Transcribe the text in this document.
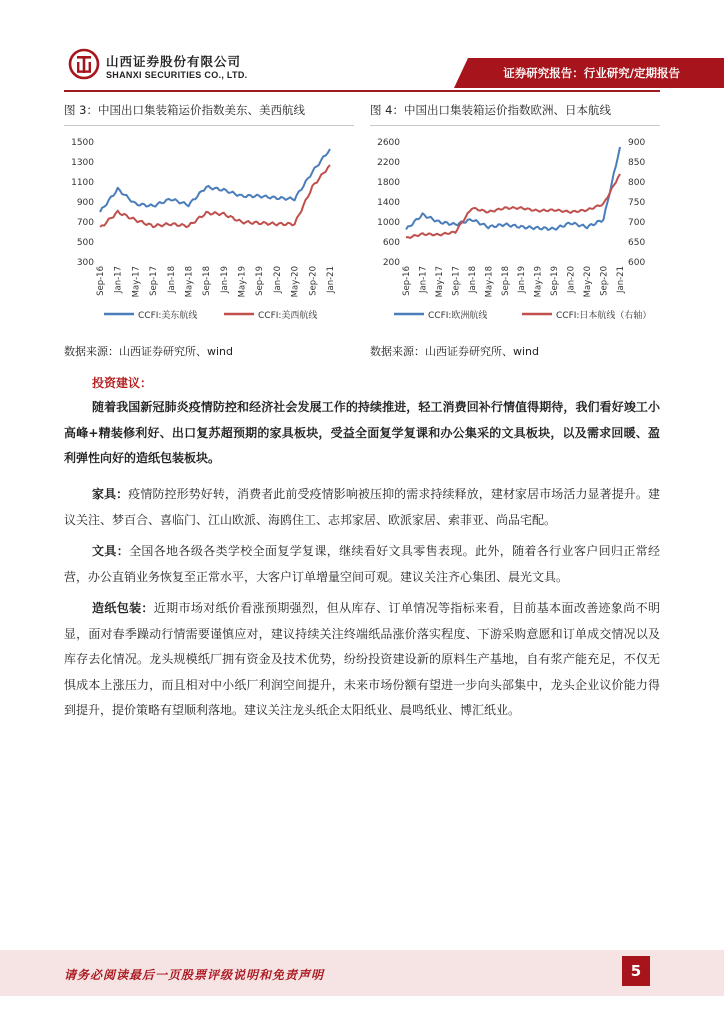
山西证券股份有限公司
SHANXI SECURITIES CO., LTD.	证券研究报告：行业研究/定期报告
图 3：中国出口集装箱运价指数美东、美西航线	图 4：中国出口集装箱运价指数欧洲、日本航线
300
500
700
900
1100
1300
1500
Sep-16 Jan-17 May-17 Sep-17 Jan-18 May-18 Sep-18 Jan-19 May-19 Sep-19 Jan-20 May-20 Sep-20 Jan-21
CCFI:美东航线	CCFI:美西航线
200
600
1000
1400
1800
2200
2600
600
650
700
750
800
850
900
Sep-16 Jan-17 May-17 Sep-17 Jan-18 May-18 Sep-18 Jan-19 May-19 Sep-19 Jan-20 May-20 Sep-20 Jan-21
CCFI:欧洲航线	CCFI:日本航线（右轴）
数据来源：山西证券研究所、wind	数据来源：山西证券研究所、wind
投资建议：
随着我国新冠肺炎疫情防控和经济社会发展工作的持续推进，轻工消费回补行情值得期待，我们看好竣工小高峰+精装修利好、出口复苏超预期的家具板块，受益全面复学复课和办公集采的文具板块，以及需求回暖、盈利弹性向好的造纸包装板块。
家具：疫情防控形势好转，消费者此前受疫情影响被压抑的需求持续释放，建材家居市场活力显著提升。建议关注、梦百合、喜临门、江山欧派、海鸥住工、志邦家居、欧派家居、索菲亚、尚品宅配。
文具：全国各地各级各类学校全面复学复课，继续看好文具零售表现。此外，随着各行业客户回归正常经营，办公直销业务恢复至正常水平，大客户订单增量空间可观。建议关注齐心集团、晨光文具。
造纸包装：近期市场对纸价看涨预期强烈，但从库存、订单情况等指标来看，目前基本面改善迹象尚不明显，面对春季躁动行情需要谨慎应对，建议持续关注终端纸品涨价落实程度、下游采购意愿和订单成交情况以及库存去化情况。龙头规模纸厂拥有资金及技术优势，纷纷投资建设新的原料生产基地，自有浆产能充足，不仅无惧成本上涨压力，而且相对中小纸厂利润空间提升，未来市场份额有望进一步向头部集中，龙头企业议价能力得到提升，提价策略有望顺利落地。建议关注龙头纸企太阳纸业、晨鸣纸业、博汇纸业。
请务必阅读最后一页股票评级说明和免责声明	5
